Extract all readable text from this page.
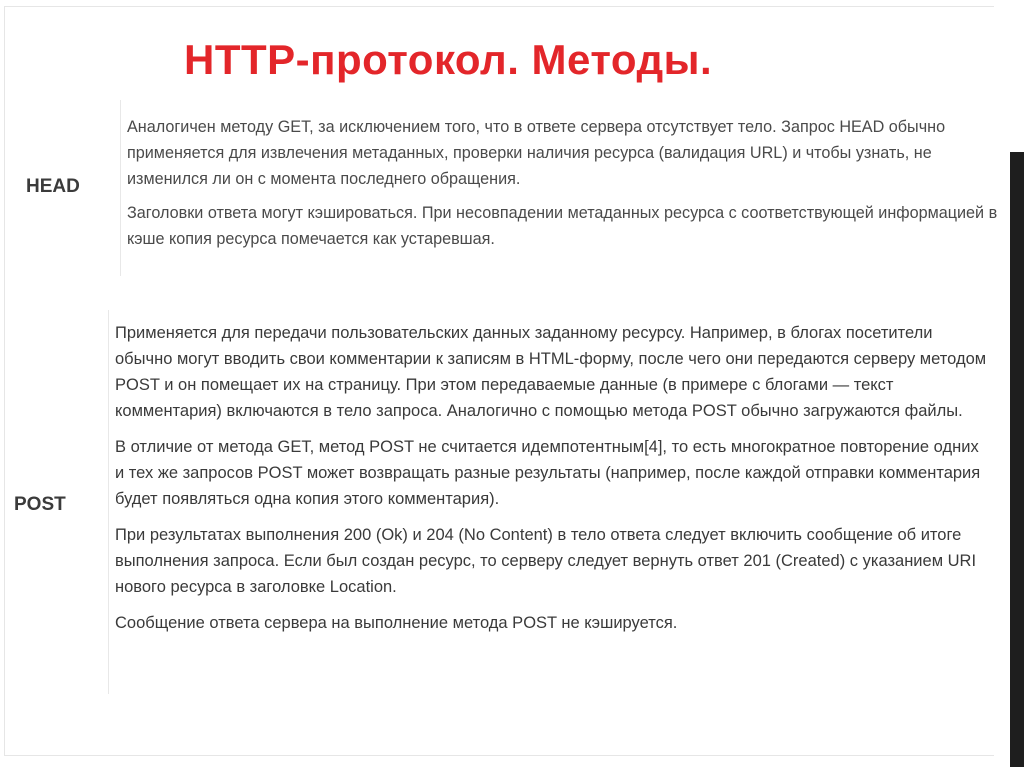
HTTP-протокол. Методы.
HEAD

Аналогичен методу GET, за исключением того, что в ответе сервера отсутствует тело. Запрос HEAD обычно применяется для извлечения метаданных, проверки наличия ресурса (валидация URL) и чтобы узнать, не изменился ли он с момента последнего обращения.

Заголовки ответа могут кэшироваться. При несовпадении метаданных ресурса с соответствующей информацией в кэше копия ресурса помечается как устаревшая.

POST

Применяется для передачи пользовательских данных заданному ресурсу. Например, в блогах посетители обычно могут вводить свои комментарии к записям в HTML-форму, после чего они передаются серверу методом POST и он помещает их на страницу. При этом передаваемые данные (в примере с блогами — текст комментария) включаются в тело запроса. Аналогично с помощью метода POST обычно загружаются файлы.

В отличие от метода GET, метод POST не считается идемпотентным[4], то есть многократное повторение одних и тех же запросов POST может возвращать разные результаты (например, после каждой отправки комментария будет появляться одна копия этого комментария).

При результатах выполнения 200 (Ok) и 204 (No Content) в тело ответа следует включить сообщение об итоге выполнения запроса. Если был создан ресурс, то серверу следует вернуть ответ 201 (Created) с указанием URI нового ресурса в заголовке Location.

Сообщение ответа сервера на выполнение метода POST не кэшируется.
